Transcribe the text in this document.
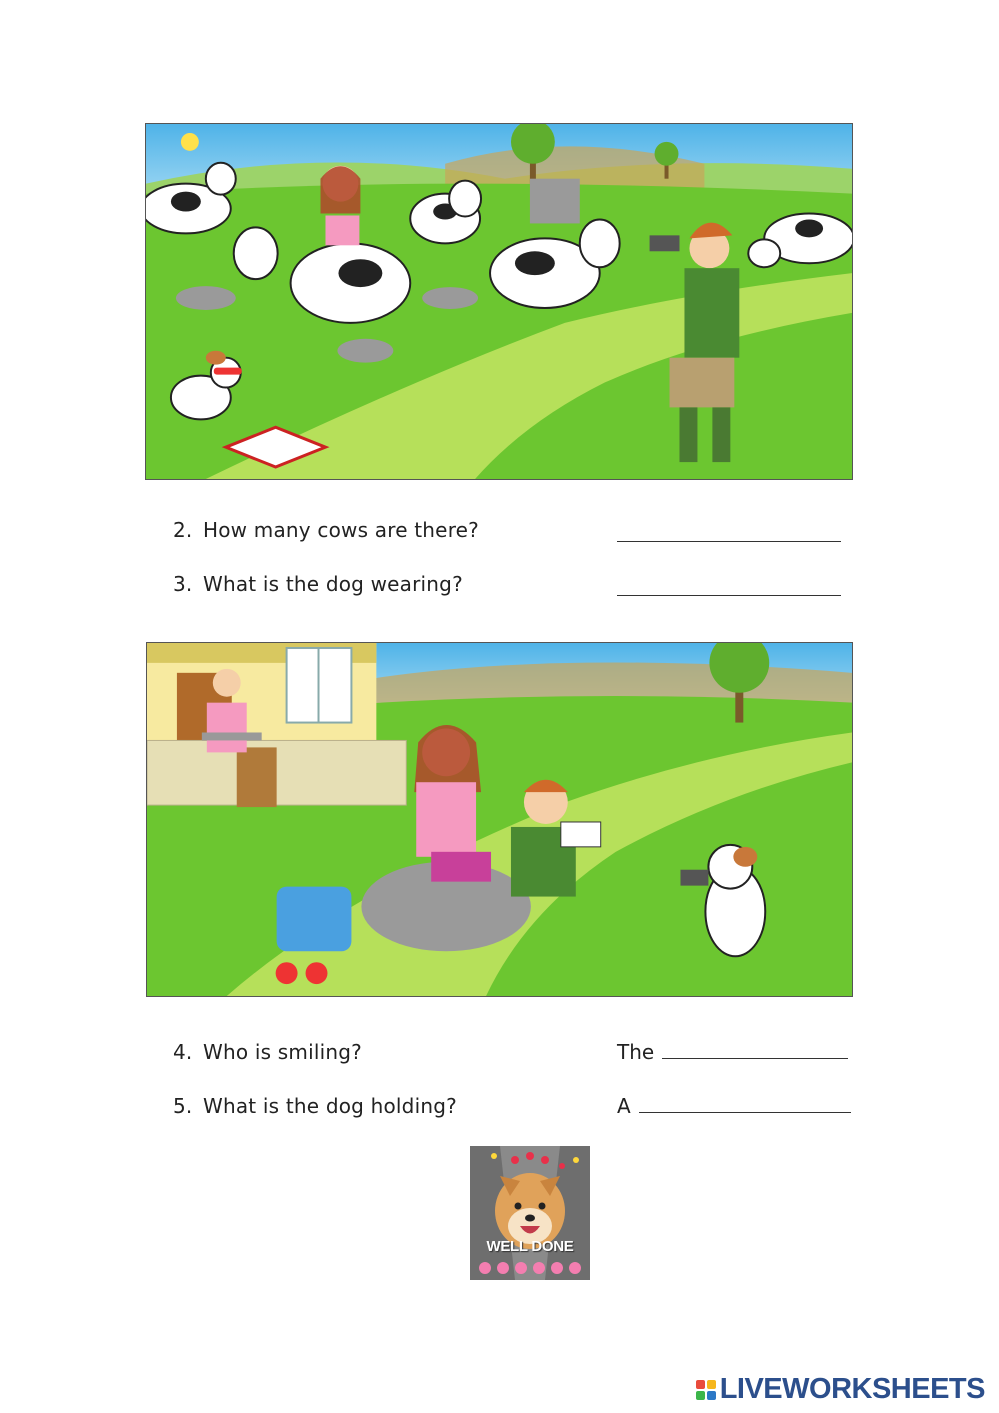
2. How many cows are there?
3. What is the dog wearing?
4. Who is smiling?	The
5. What is the dog holding?	A
WELL DONE
LIVEWORKSHEETS
